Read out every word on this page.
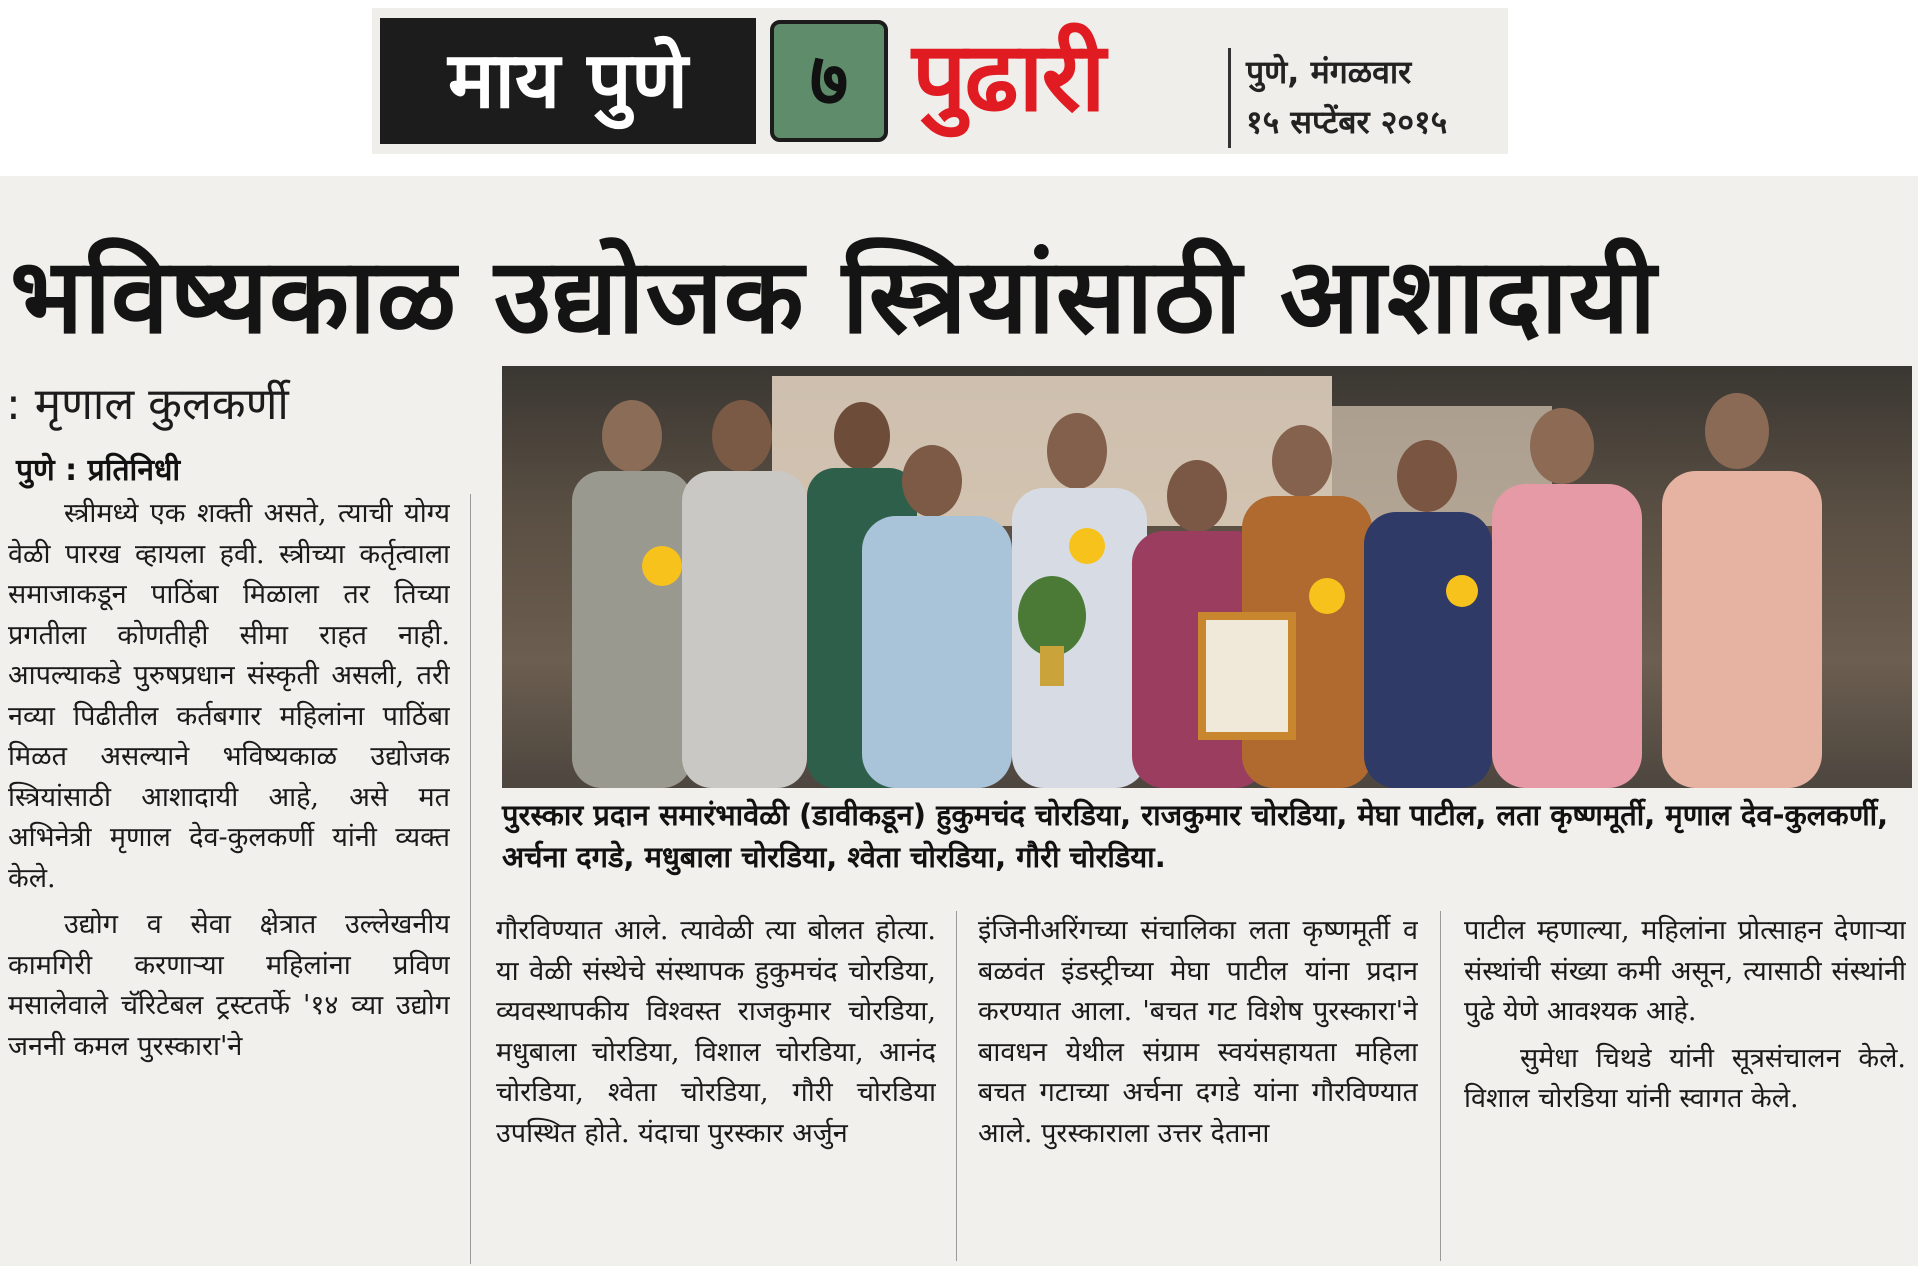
माय पुणे	७ पुढारी	पुणे, मंगळवार
१५ सप्टेंबर २०१५
भविष्यकाळ उद्योजक स्त्रियांसाठी आशादायी
: मृणाल कुलकर्णी
पुणे : प्रतिनिधी

स्त्रीमध्ये एक शक्ती असते, त्याची योग्य वेळी पारख व्हायला हवी. स्त्रीच्या कर्तृत्वाला समाजाकडून पाठिंबा मिळाला तर तिच्या प्रगतीला कोणतीही सीमा राहत नाही. आपल्याकडे पुरुषप्रधान संस्कृती असली, तरी नव्या पिढीतील कर्तबगार महिलांना पाठिंबा मिळत असल्याने भविष्यकाळ उद्योजक स्त्रियांसाठी आशादायी आहे, असे मत अभिनेत्री मृणाल देव-कुलकर्णी यांनी व्यक्त केले.

उद्योग व सेवा क्षेत्रात उल्लेखनीय कामगिरी करणाऱ्या महिलांना प्रविण मसालेवाले चॅरिटेबल ट्रस्टतर्फे '१४ व्या उद्योग जननी कमल पुरस्कारा'ने

पुरस्कार प्रदान समारंभावेळी (डावीकडून) हुकुमचंद चोरडिया, राजकुमार चोरडिया, मेघा पाटील, लता कृष्णमूर्ती, मृणाल देव-कुलकर्णी, अर्चना दगडे, मधुबाला चोरडिया, श्वेता चोरडिया, गौरी चोरडिया.

गौरविण्यात आले. त्यावेळी त्या बोलत होत्या. या वेळी संस्थेचे संस्थापक हुकुमचंद चोरडिया, व्यवस्थापकीय विश्वस्त राजकुमार चोरडिया, मधुबाला चोरडिया, विशाल चोरडिया, आनंद चोरडिया, श्वेता चोरडिया, गौरी चोरडिया उपस्थित होते. यंदाचा पुरस्कार अर्जुन

इंजिनीअरिंगच्या संचालिका लता कृष्णमूर्ती व बळवंत इंडस्ट्रीच्या मेघा पाटील यांना प्रदान करण्यात आला. 'बचत गट विशेष पुरस्कारा'ने बावधन येथील संग्राम स्वयंसहायता महिला बचत गटाच्या अर्चना दगडे यांना गौरविण्यात आले. पुरस्काराला उत्तर देताना

पाटील म्हणाल्या, महिलांना प्रोत्साहन देणाऱ्या संस्थांची संख्या कमी असून, त्यासाठी संस्थांनी पुढे येणे आवश्यक आहे.

सुमेधा चिथडे यांनी सूत्रसंचालन केले. विशाल चोरडिया यांनी स्वागत केले.
